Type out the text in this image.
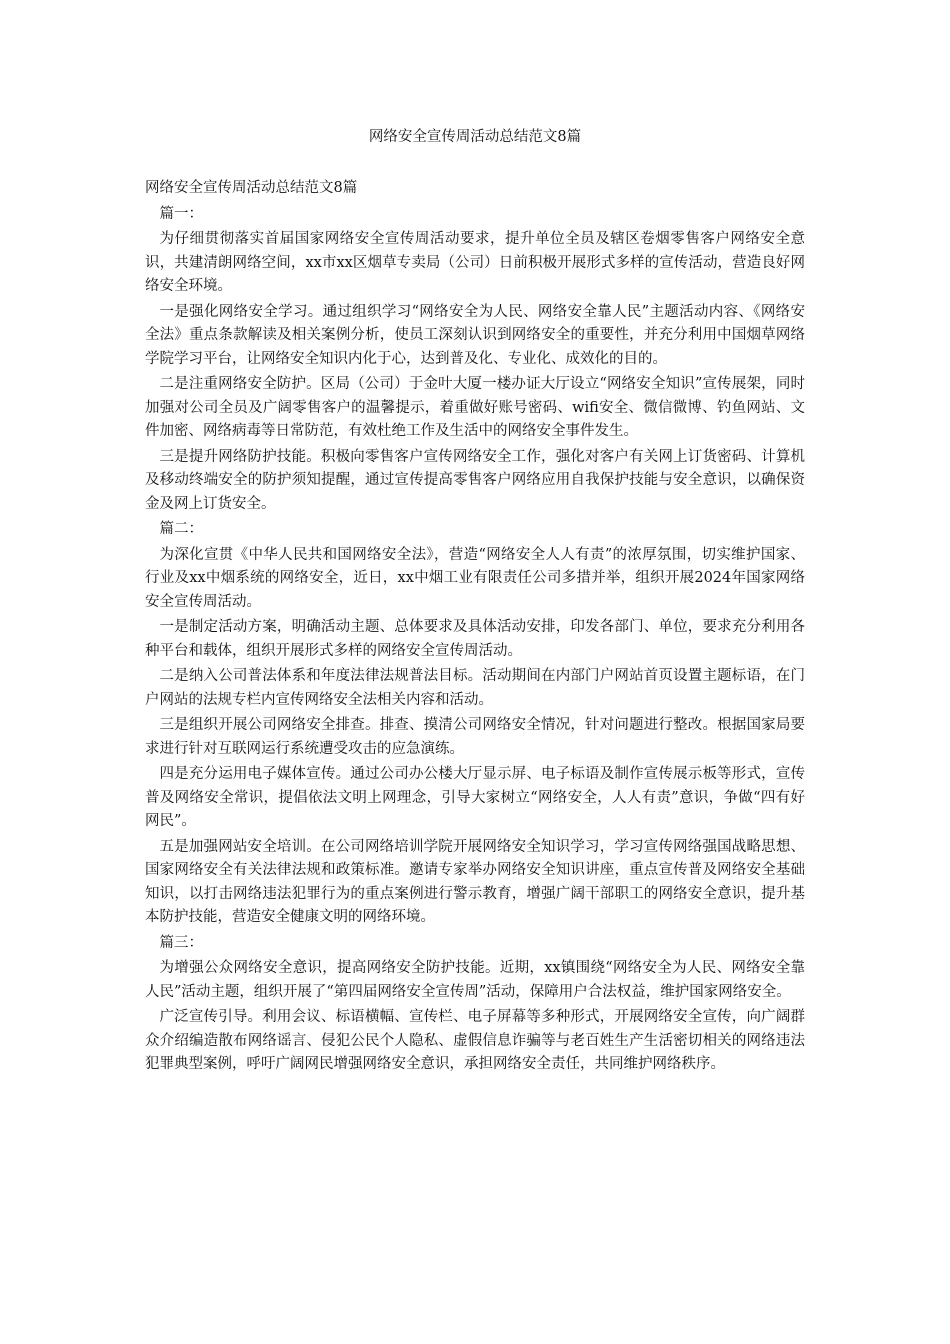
网络安全宣传周活动总结范文8篇

网络安全宣传周活动总结范文8篇

篇一：

为仔细贯彻落实首届国家网络安全宣传周活动要求，提升单位全员及辖区卷烟零售客户网络安全意识，共建清朗网络空间，xx市xx区烟草专卖局（公司）日前积极开展形式多样的宣传活动，营造良好网络安全环境。

一是强化网络安全学习。通过组织学习“网络安全为人民、网络安全靠人民”主题活动内容、《网络安全法》重点条款解读及相关案例分析，使员工深刻认识到网络安全的重要性，并充分利用中国烟草网络学院学习平台，让网络安全知识内化于心，达到普及化、专业化、成效化的目的。

二是注重网络安全防护。区局（公司）于金叶大厦一楼办证大厅设立“网络安全知识”宣传展架，同时加强对公司全员及广阔零售客户的温馨提示，着重做好账号密码、wifi安全、微信微博、钓鱼网站、文件加密、网络病毒等日常防范，有效杜绝工作及生活中的网络安全事件发生。

三是提升网络防护技能。积极向零售客户宣传网络安全工作，强化对客户有关网上订货密码、计算机及移动终端安全的防护须知提醒，通过宣传提高零售客户网络应用自我保护技能与安全意识，以确保资金及网上订货安全。

篇二：

为深化宣贯《中华人民共和国网络安全法》，营造“网络安全人人有责”的浓厚氛围，切实维护国家、行业及xx中烟系统的网络安全，近日，xx中烟工业有限责任公司多措并举，组织开展2024年国家网络安全宣传周活动。

一是制定活动方案，明确活动主题、总体要求及具体活动安排，印发各部门、单位，要求充分利用各种平台和载体，组织开展形式多样的网络安全宣传周活动。

二是纳入公司普法体系和年度法律法规普法目标。活动期间在内部门户网站首页设置主题标语，在门户网站的法规专栏内宣传网络安全法相关内容和活动。

三是组织开展公司网络安全排查。排查、摸清公司网络安全情况，针对问题进行整改。根据国家局要求进行针对互联网运行系统遭受攻击的应急演练。

四是充分运用电子媒体宣传。通过公司办公楼大厅显示屏、电子标语及制作宣传展示板等形式，宣传普及网络安全常识，提倡依法文明上网理念，引导大家树立“网络安全，人人有责”意识，争做“四有好网民”。

五是加强网站安全培训。在公司网络培训学院开展网络安全知识学习，学习宣传网络强国战略思想、国家网络安全有关法律法规和政策标准。邀请专家举办网络安全知识讲座，重点宣传普及网络安全基础知识，以打击网络违法犯罪行为的重点案例进行警示教育，增强广阔干部职工的网络安全意识，提升基本防护技能，营造安全健康文明的网络环境。

篇三：

为增强公众网络安全意识，提高网络安全防护技能。近期，xx镇围绕“网络安全为人民、网络安全靠人民”活动主题，组织开展了“第四届网络安全宣传周”活动，保障用户合法权益，维护国家网络安全。

广泛宣传引导。利用会议、标语横幅、宣传栏、电子屏幕等多种形式，开展网络安全宣传，向广阔群众介绍编造散布网络谣言、侵犯公民个人隐私、虚假信息诈骗等与老百姓生产生活密切相关的网络违法犯罪典型案例，呼吁广阔网民增强网络安全意识，承担网络安全责任，共同维护网络秩序。
